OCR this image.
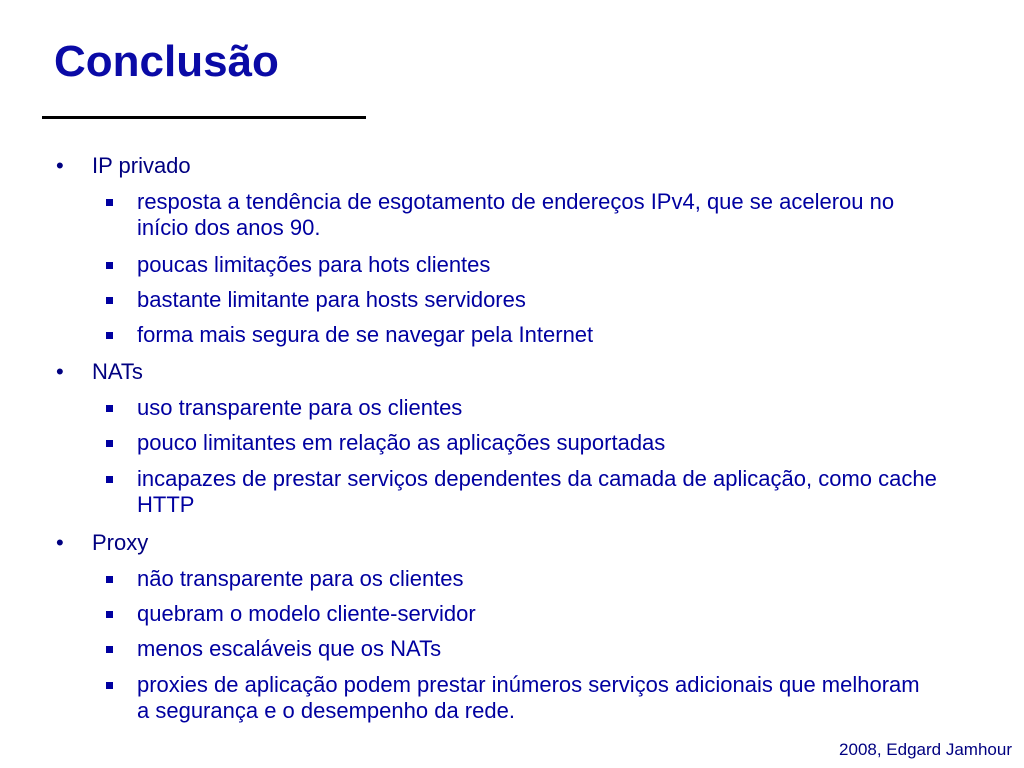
Conclusão
• IP privado
resposta a tendência de esgotamento de endereços IPv4, que se acelerou no início dos anos 90.
poucas limitações para hots clientes
bastante limitante para hosts servidores
forma mais segura de se navegar pela Internet
• NATs
uso transparente para os clientes
pouco limitantes em relação as aplicações suportadas
incapazes de prestar serviços dependentes da camada de aplicação, como cache HTTP
• Proxy
não transparente para os clientes
quebram o modelo cliente-servidor
menos escaláveis que os NATs
proxies de aplicação podem prestar inúmeros serviços adicionais que melhoram a segurança e o desempenho da rede.
2008, Edgard Jamhour
